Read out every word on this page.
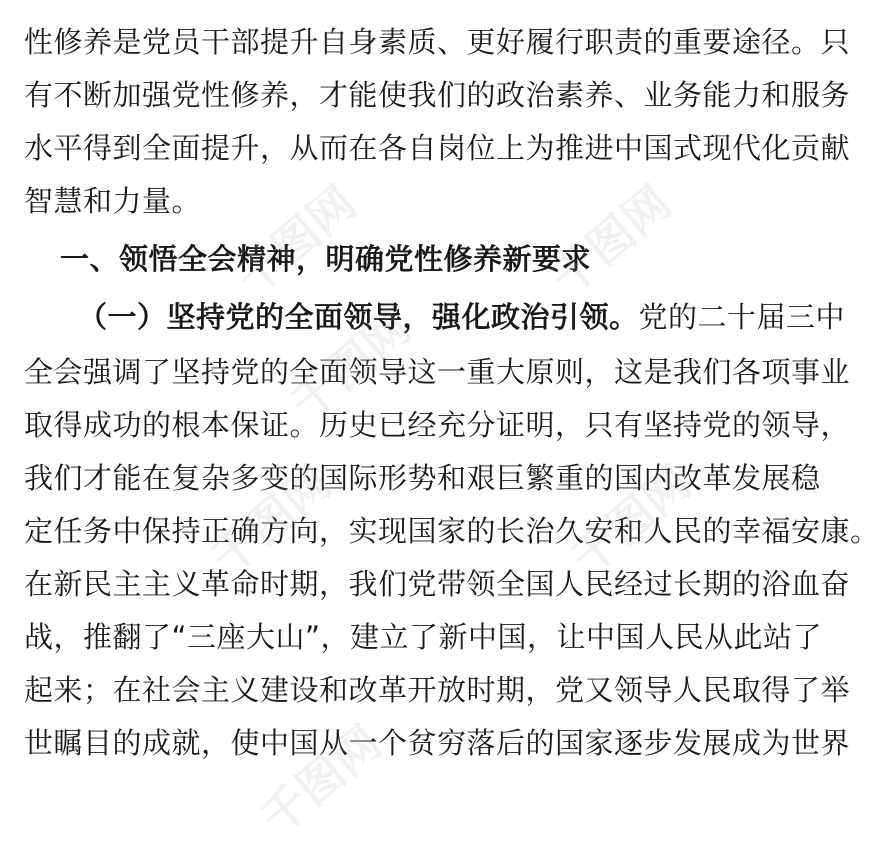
性修养是党员干部提升自身素质、更好履行职责的重要途径。只
有不断加强党性修养，才能使我们的政治素养、业务能力和服务
水平得到全面提升，从而在各自岗位上为推进中国式现代化贡献
智慧和力量。
一、领悟全会精神，明确党性修养新要求
（一）坚持党的全面领导，强化政治引领。党的二十届三中
全会强调了坚持党的全面领导这一重大原则，这是我们各项事业
取得成功的根本保证。历史已经充分证明，只有坚持党的领导，
我们才能在复杂多变的国际形势和艰巨繁重的国内改革发展稳
定任务中保持正确方向，实现国家的长治久安和人民的幸福安康。
在新民主主义革命时期，我们党带领全国人民经过长期的浴血奋
战，推翻了“三座大山”，建立了新中国，让中国人民从此站了
起来；在社会主义建设和改革开放时期，党又领导人民取得了举
世瞩目的成就，使中国从一个贫穷落后的国家逐步发展成为世界
千图网	千图网
千图网
千图网	千图网
千图网
